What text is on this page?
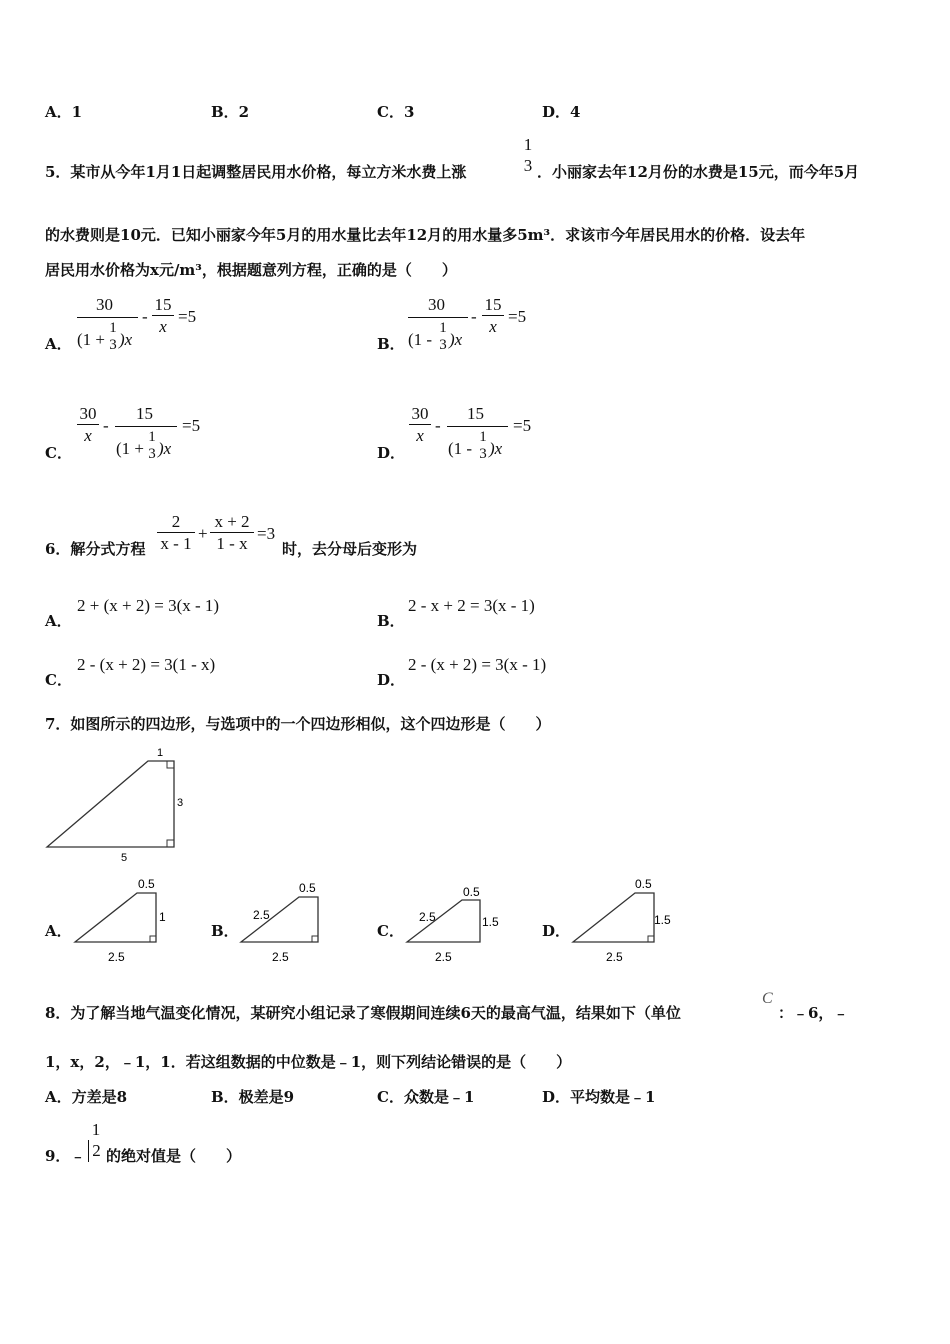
A．1	B．2	C．3	D．4
5．某市从今年1月1日起调整居民用水价格，每立方米水费上涨
1
3 ．小丽家去年12月份的水费是15元，而今年5月
的水费则是10元．已知小丽家今年5月的用水量比去年12月的用水量多5m³．求该市今年居民用水的价格．设去年
居民用水价格为x元/m³，根据题意列方程，正确的是（　　）
A．
30
(1 +
1
3 )x
-
15
x
=5
B．
30
(1 -
1
3 )x
-
15
x
=5
C．
30
x
-
15
(1 +
1
3 )x
=5
D．
30
x
-
15
(1 -
1
3 )x
=5
6．解分式方程
2
x - 1
+
x + 2
1 - x
=3
时，去分母后变形为
A．
2 + (x + 2) = 3(x - 1)
B．
2 - x + 2 = 3(x - 1)
C．
2 - (x + 2) = 3(1 - x)
D．
2 - (x + 2) = 3(x - 1)
7．如图所示的四边形，与选项中的一个四边形相似，这个四边形是（　　）
1
3
5
A．
0.5
1
2.5
B．
0.5
2.5
2.5
C．
0.5
2.5	1.5
2.5
D．
0.5
1.5
2.5
8．为了解当地气温变化情况，某研究小组记录了寒假期间连续6天的最高气温，结果如下（单位
C
：﹣6，﹣
1，x，2，﹣1，1．若这组数据的中位数是﹣1，则下列结论错误的是（　　）
A．方差是8	B．极差是9	C．众数是﹣1	D．平均数是﹣1
9．﹣
1
2 的绝对值是（　　）
